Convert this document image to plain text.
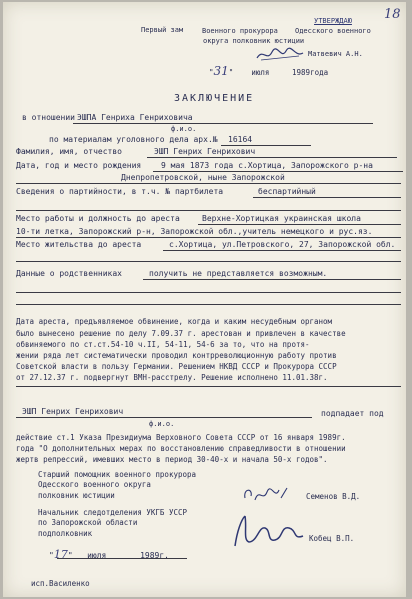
18
Первый зам	Военного прокурора
УТВЕРЖДАЮ
Одесского военного
округа полковник юстиции
Матвевич А.Н.
"31"    июля	1989года
ЗАКЛЮЧЕНИЕ
в отношении ЭШПА Генриха Генриховича
ф.и.о.
по материалам уголовного дела арх.№ 16164
Фамилия, имя, отчество	ЭШП Генрих Генрихович
Дата, год и место рождения 9 мая 1873 года с.Хортица, Запорожского р-на
Днепропетровской, ныне Запорожской
Сведения о партийности, в т.ч. № партбилета	беспартийный
Место работы и должность до ареста	Верхне-Хортицкая украинская школа
10-ти летка, Запорожский р-н, Запорожской обл.,учитель немецкого и рус.яз.
Место жительства до ареста	с.Хортица, ул.Петровского, 27, Запорожской обл.
Данные о родственниках	получить не представляется возможным.
Дата ареста, предъявляемое обвинение, когда и каким несудебным органом
было вынесено решение по делу 7.09.37 г. арестован и привлечен в качестве
обвиняемого по ст.ст.54-10 ч.II, 54-11, 54-6 за то, что на протя-
жении ряда лет систематически проводил контрреволюционную работу против
Советской власти в пользу Германии. Решением НКВД СССР и Прокурора СССР
от 27.12.37 г. подвергнут ВМН-расстрелу. Решение исполнено 11.01.38г.
ЭШП Генрих Генрихович	подпадает под
ф.и.о.
действие ст.1 Указа Президиума Верховного Совета СССР от 16 января 1989г.
года "О дополнительных мерах по восстановлению справедливости в отношении
жертв репрессий, имевших место в период 30-40-х и начала 50-х годов".
Старший помощник военного прокурора
Одесского военного округа
полковник юстиции	Семенов В.Д.
Начальник следотделения УКГБ УССР
по Запорожской области
подполковник
Кобец В.П.
"17"   июля	1989г.
исп.Василенко
